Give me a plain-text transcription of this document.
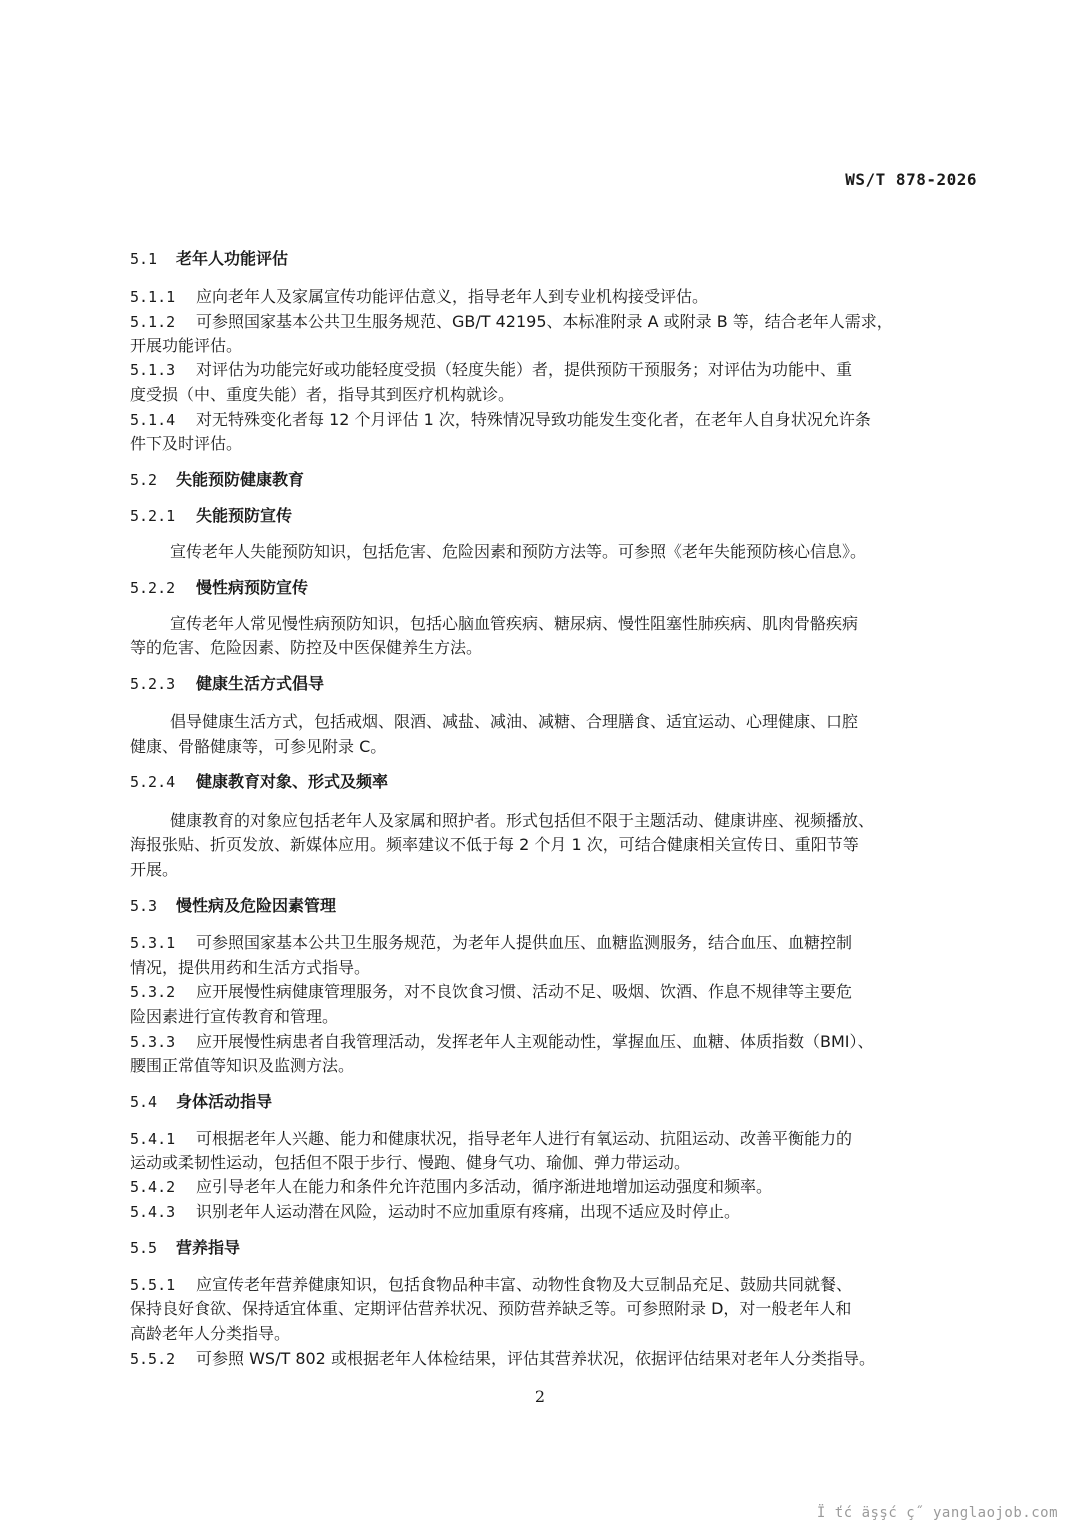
WS/T 878-2026
5.1 老年人功能评估
5.1.1 应向老年人及家属宣传功能评估意义，指导老年人到专业机构接受评估。
5.1.2 可参照国家基本公共卫生服务规范、GB/T 42195、本标准附录 A 或附录 B 等，结合老年人需求，
开展功能评估。
5.1.3 对评估为功能完好或功能轻度受损（轻度失能）者，提供预防干预服务；对评估为功能中、重
度受损（中、重度失能）者，指导其到医疗机构就诊。
5.1.4 对无特殊变化者每 12 个月评估 1 次，特殊情况导致功能发生变化者，在老年人自身状况允许条
件下及时评估。
5.2 失能预防健康教育
5.2.1 失能预防宣传
宣传老年人失能预防知识，包括危害、危险因素和预防方法等。可参照《老年失能预防核心信息》。
5.2.2 慢性病预防宣传
宣传老年人常见慢性病预防知识，包括心脑血管疾病、糖尿病、慢性阻塞性肺疾病、肌肉骨骼疾病
等的危害、危险因素、防控及中医保健养生方法。
5.2.3 健康生活方式倡导
倡导健康生活方式，包括戒烟、限酒、减盐、减油、减糖、合理膳食、适宜运动、心理健康、口腔
健康、骨骼健康等，可参见附录 C。
5.2.4 健康教育对象、形式及频率
健康教育的对象应包括老年人及家属和照护者。形式包括但不限于主题活动、健康讲座、视频播放、
海报张贴、折页发放、新媒体应用。频率建议不低于每 2 个月 1 次，可结合健康相关宣传日、重阳节等
开展。
5.3 慢性病及危险因素管理
5.3.1 可参照国家基本公共卫生服务规范，为老年人提供血压、血糖监测服务，结合血压、血糖控制
情况，提供用药和生活方式指导。
5.3.2 应开展慢性病健康管理服务，对不良饮食习惯、活动不足、吸烟、饮酒、作息不规律等主要危
险因素进行宣传教育和管理。
5.3.3 应开展慢性病患者自我管理活动，发挥老年人主观能动性，掌握血压、血糖、体质指数（BMI）、
腰围正常值等知识及监测方法。
5.4 身体活动指导
5.4.1 可根据老年人兴趣、能力和健康状况，指导老年人进行有氧运动、抗阻运动、改善平衡能力的
运动或柔韧性运动，包括但不限于步行、慢跑、健身气功、瑜伽、弹力带运动。
5.4.2 应引导老年人在能力和条件允许范围内多活动，循序渐进地增加运动强度和频率。
5.4.3 识别老年人运动潜在风险，运动时不应加重原有疼痛，出现不适应及时停止。
5.5 营养指导
5.5.1 应宣传老年营养健康知识，包括食物品种丰富、动物性食物及大豆制品充足、鼓励共同就餐、
保持良好食欲、保持适宜体重、定期评估营养状况、预防营养缺乏等。可参照附录 D，对一般老年人和
高龄老年人分类指导。
5.5.2 可参照 WS/T 802 或根据老年人体检结果，评估其营养状况，依据评估结果对老年人分类指导。
2
Ï ťć äşşć ç˝ yanglaojob.com
